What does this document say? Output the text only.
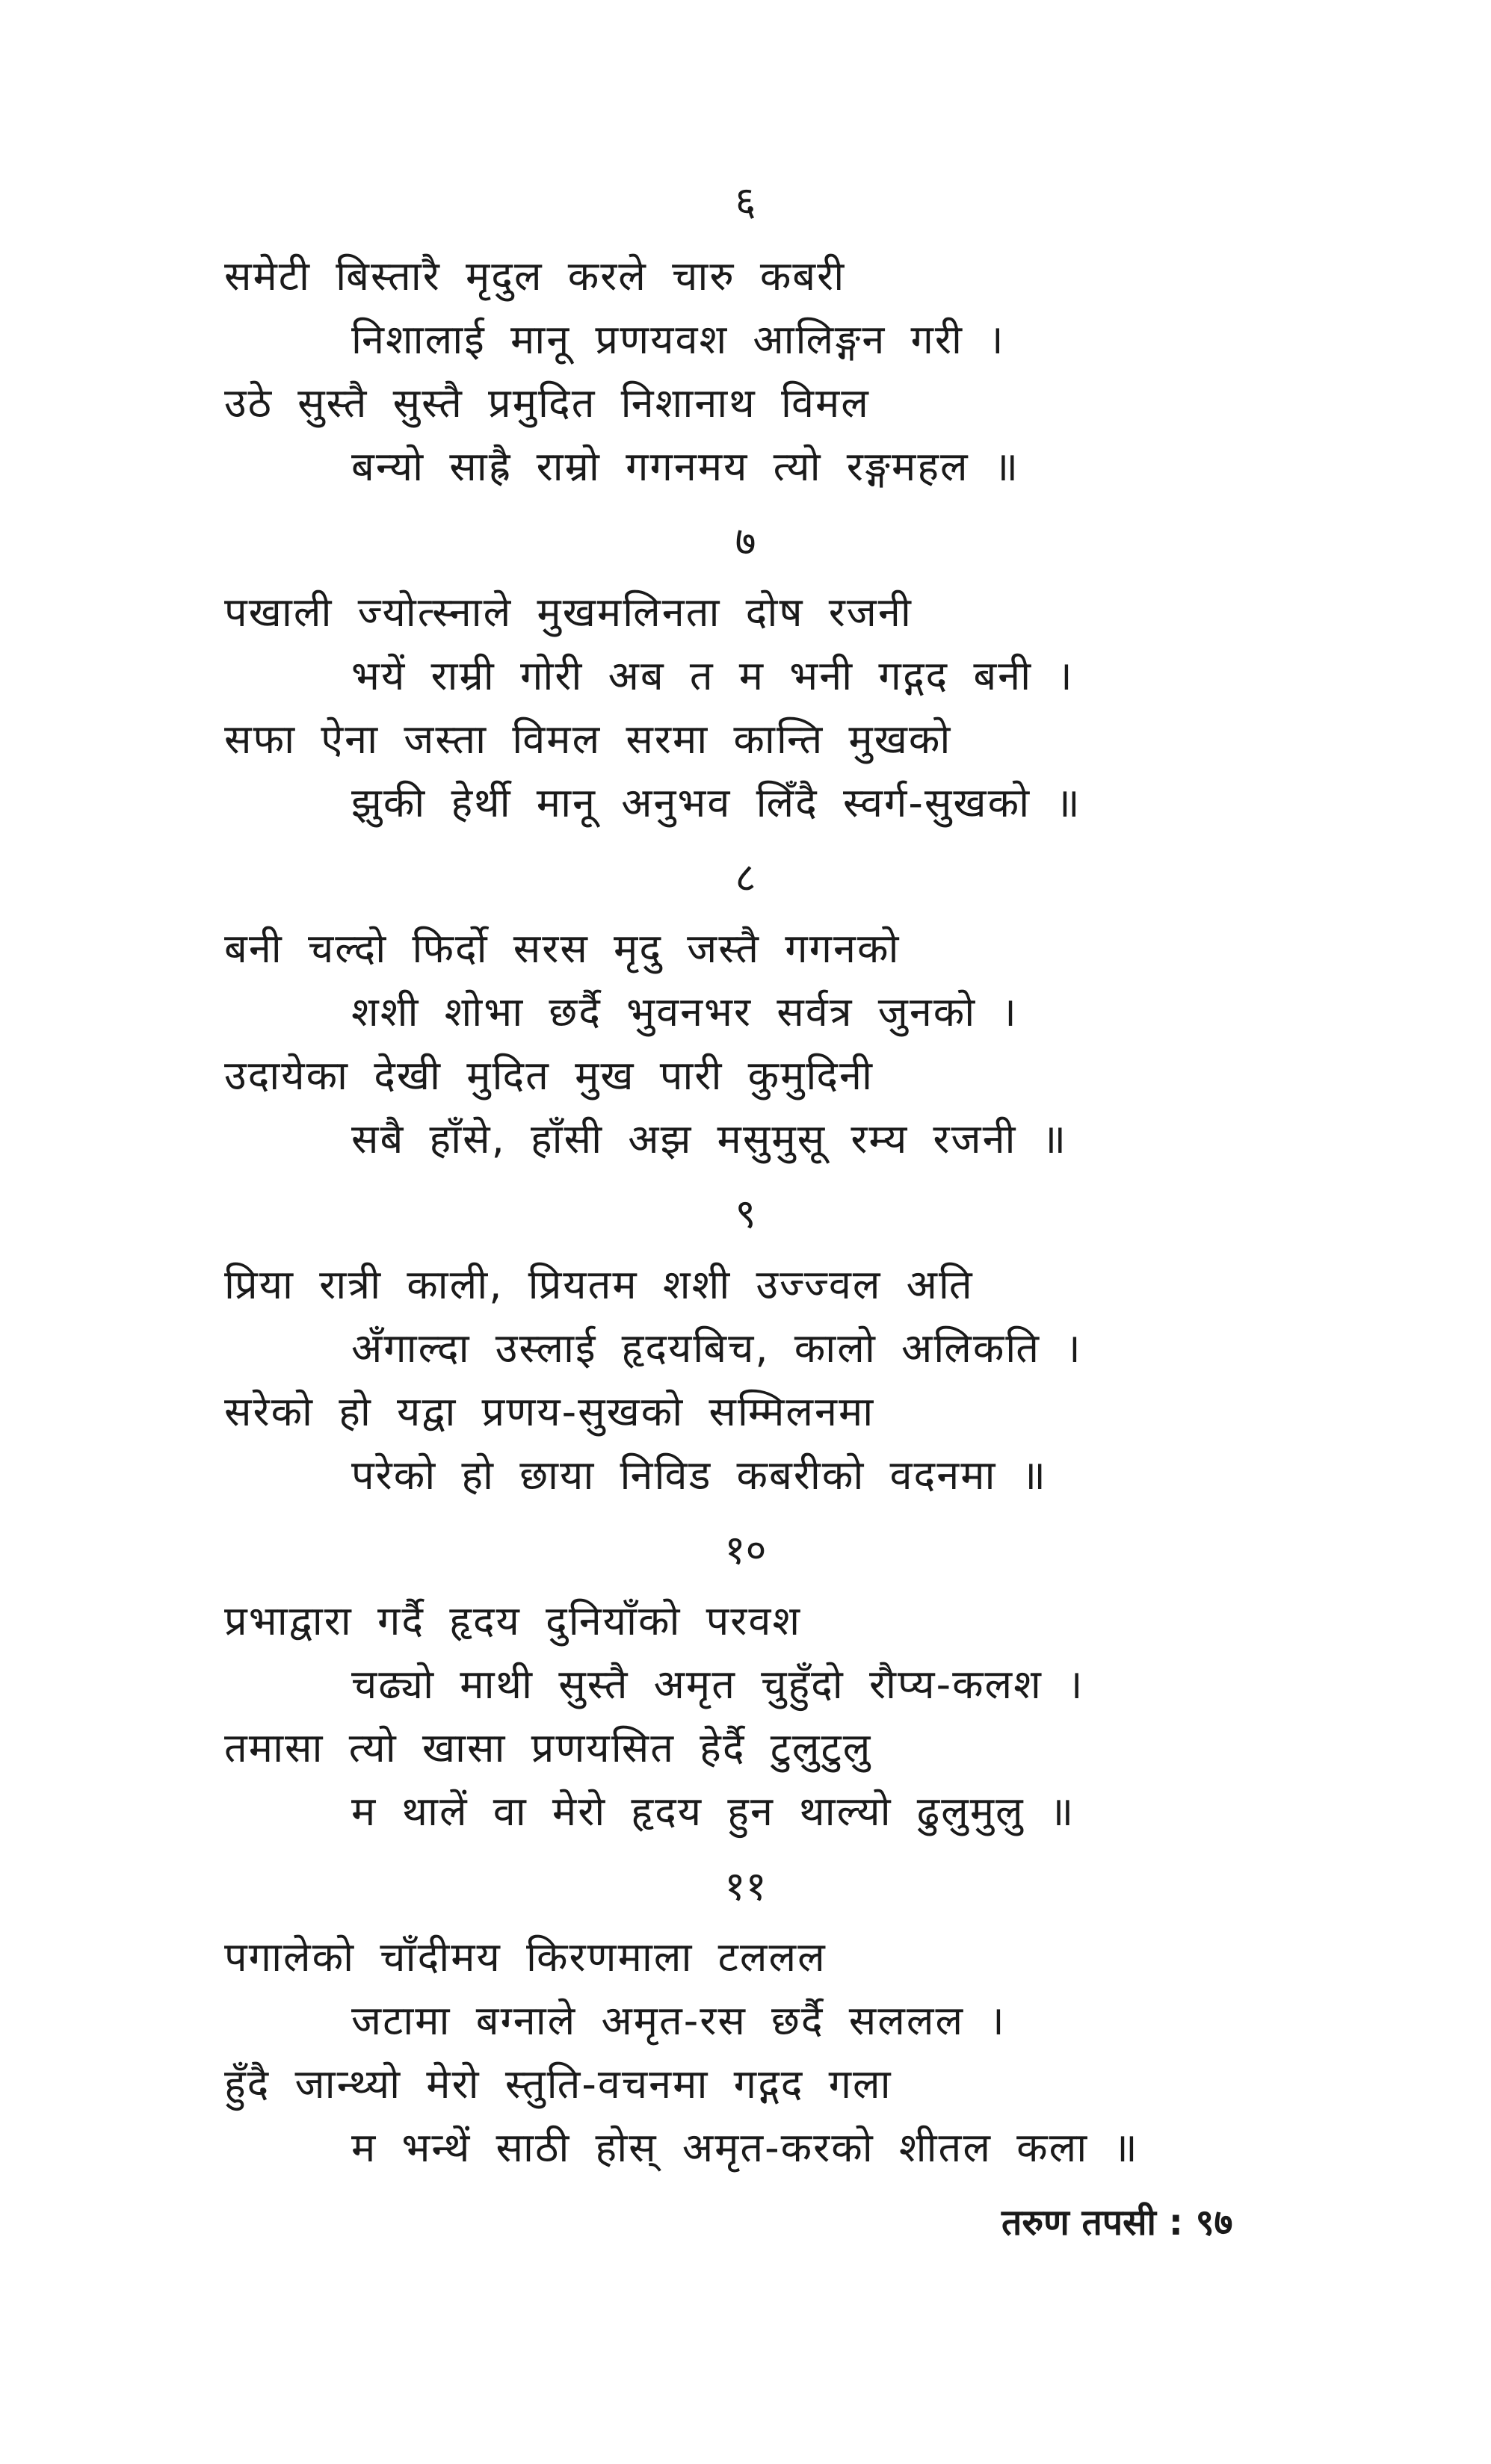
६
समेटी बिस्तारै मृदुल करले चारु कबरी
निशालाई मानू प्रणयवश आलिङ्गन गरी ।
उठे सुस्तै सुस्तै प्रमुदित निशानाथ विमल
बन्यो साह्रै राम्रो गगनमय त्यो रङ्गमहल ॥
७
पखाली ज्योत्स्नाले मुखमलिनता दोष रजनी
भयें राम्री गोरी अब त म भनी गद्गद बनी ।
सफा ऐना जस्ता विमल सरमा कान्ति मुखको
झुकी हेर्थी मानू अनुभव लिँदै स्वर्ग-सुखको ॥
८
बनी चल्दो फिर्दो सरस मृदु जस्तै गगनको
शशी शोभा छर्दै भुवनभर सर्वत्र जुनको ।
उदायेका देखी मुदित मुख पारी कुमुदिनी
सबै हाँसे, हाँसी अझ मसुमुसू रम्य रजनी ॥
९
प्रिया रात्री काली, प्रियतम शशी उज्ज्वल अति
अँगाल्दा उस्लाई हृदयबिच, कालो अलिकति ।
सरेको हो यद्वा प्रणय-सुखको सम्मिलनमा
परेको हो छाया निविड कबरीको वदनमा ॥
१०
प्रभाद्वारा गर्दै हृदय दुनियाँको परवश
चढ्यो माथी सुस्तै अमृत चुहुँदो रौप्य-कलश ।
तमासा त्यो खासा प्रणयसित हेर्दै टुलुटुलु
म थालें वा मेरो हृदय हुन थाल्यो ढुलुमुलु ॥
११
पगालेको चाँदीमय किरणमाला टललल
जटामा बग्नाले अमृत-रस छर्दै सललल ।
हुँदै जान्थ्यो मेरो स्तुति-वचनमा गद्गद गला
म भन्थें साठी होस् अमृत-करको शीतल कला ॥
तरुण तपसी : ९७
